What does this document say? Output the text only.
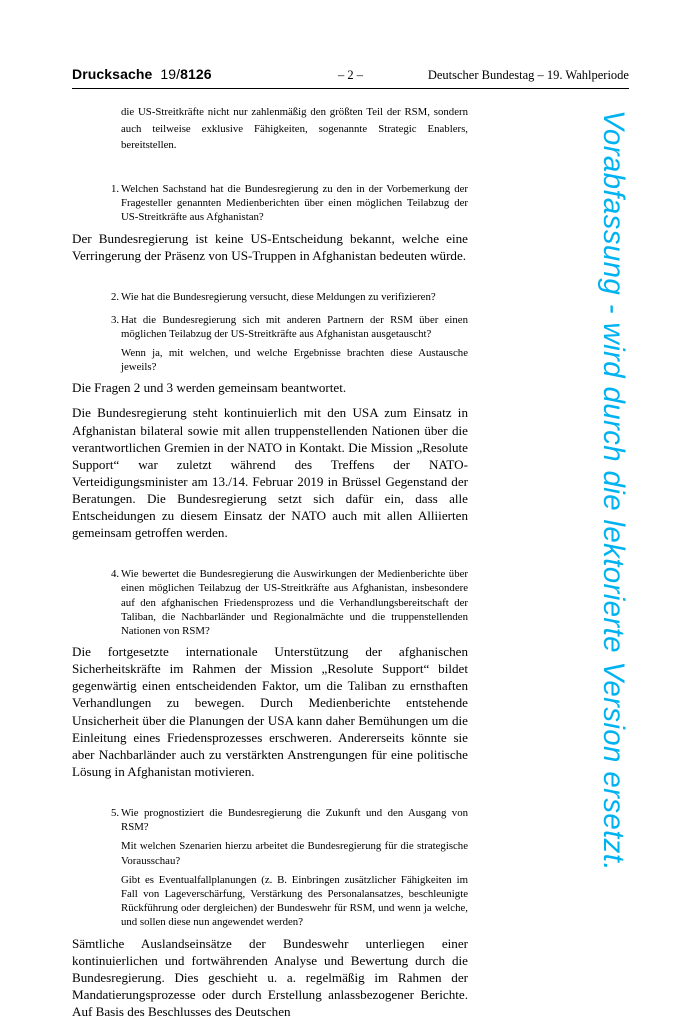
Drucksache 19/8126	– 2 –	Deutscher Bundestag – 19. Wahlperiode
die US-Streitkräfte nicht nur zahlenmäßig den größten Teil der RSM, sondern auch teilweise exklusive Fähigkeiten, sogenannte Strategic Enablers, bereitstellen.
1. Welchen Sachstand hat die Bundesregierung zu den in der Vorbemerkung der Fragesteller genannten Medienberichten über einen möglichen Teilabzug der US-Streitkräfte aus Afghanistan?

Der Bundesregierung ist keine US-Entscheidung bekannt, welche eine Verringerung der Präsenz von US-Truppen in Afghanistan bedeuten würde.

2. Wie hat die Bundesregierung versucht, diese Meldungen zu verifizieren?

3. Hat die Bundesregierung sich mit anderen Partnern der RSM über einen möglichen Teilabzug der US-Streitkräfte aus Afghanistan ausgetauscht?

Wenn ja, mit welchen, und welche Ergebnisse brachten diese Austausche jeweils?

Die Fragen 2 und 3 werden gemeinsam beantwortet.

Die Bundesregierung steht kontinuierlich mit den USA zum Einsatz in Afghanistan bilateral sowie mit allen truppenstellenden Nationen über die verantwortlichen Gremien in der NATO in Kontakt. Die Mission „Resolute Support“ war zuletzt während des Treffens der NATO-Verteidigungsminister am 13./14. Februar 2019 in Brüssel Gegenstand der Beratungen. Die Bundesregierung setzt sich dafür ein, dass alle Entscheidungen zu diesem Einsatz der NATO auch mit allen Alliierten gemeinsam getroffen werden.

4. Wie bewertet die Bundesregierung die Auswirkungen der Medienberichte über einen möglichen Teilabzug der US-Streitkräfte aus Afghanistan, insbesondere auf den afghanischen Friedensprozess und die Verhandlungsbereitschaft der Taliban, die Nachbarländer und Regionalmächte und die truppenstellenden Nationen von RSM?

Die fortgesetzte internationale Unterstützung der afghanischen Sicherheitskräfte im Rahmen der Mission „Resolute Support“ bildet gegenwärtig einen entscheidenden Faktor, um die Taliban zu ernsthaften Verhandlungen zu bewegen. Durch Medienberichte entstehende Unsicherheit über die Planungen der USA kann daher Bemühungen um die Einleitung eines Friedensprozesses erschweren. Andererseits könnte sie aber Nachbarländer auch zu verstärkten Anstrengungen für eine politische Lösung in Afghanistan motivieren.

5. Wie prognostiziert die Bundesregierung die Zukunft und den Ausgang von RSM?

Mit welchen Szenarien hierzu arbeitet die Bundesregierung für die strategische Vorausschau?

Gibt es Eventualfallplanungen (z. B. Einbringen zusätzlicher Fähigkeiten im Fall von Lageverschärfung, Verstärkung des Personalansatzes, beschleunigte Rückführung oder dergleichen) der Bundeswehr für RSM, und wenn ja welche, und sollen diese nun angewendet werden?

Sämtliche Auslandseinsätze der Bundeswehr unterliegen einer kontinuierlichen und fortwährenden Analyse und Bewertung durch die Bundesregierung. Dies geschieht u. a. regelmäßig im Rahmen der Mandatierungsprozesse oder durch Erstellung anlassbezogener Berichte. Auf Basis des Beschlusses des Deutschen

Vorabfassung - wird durch die lektorierte Version ersetzt.
